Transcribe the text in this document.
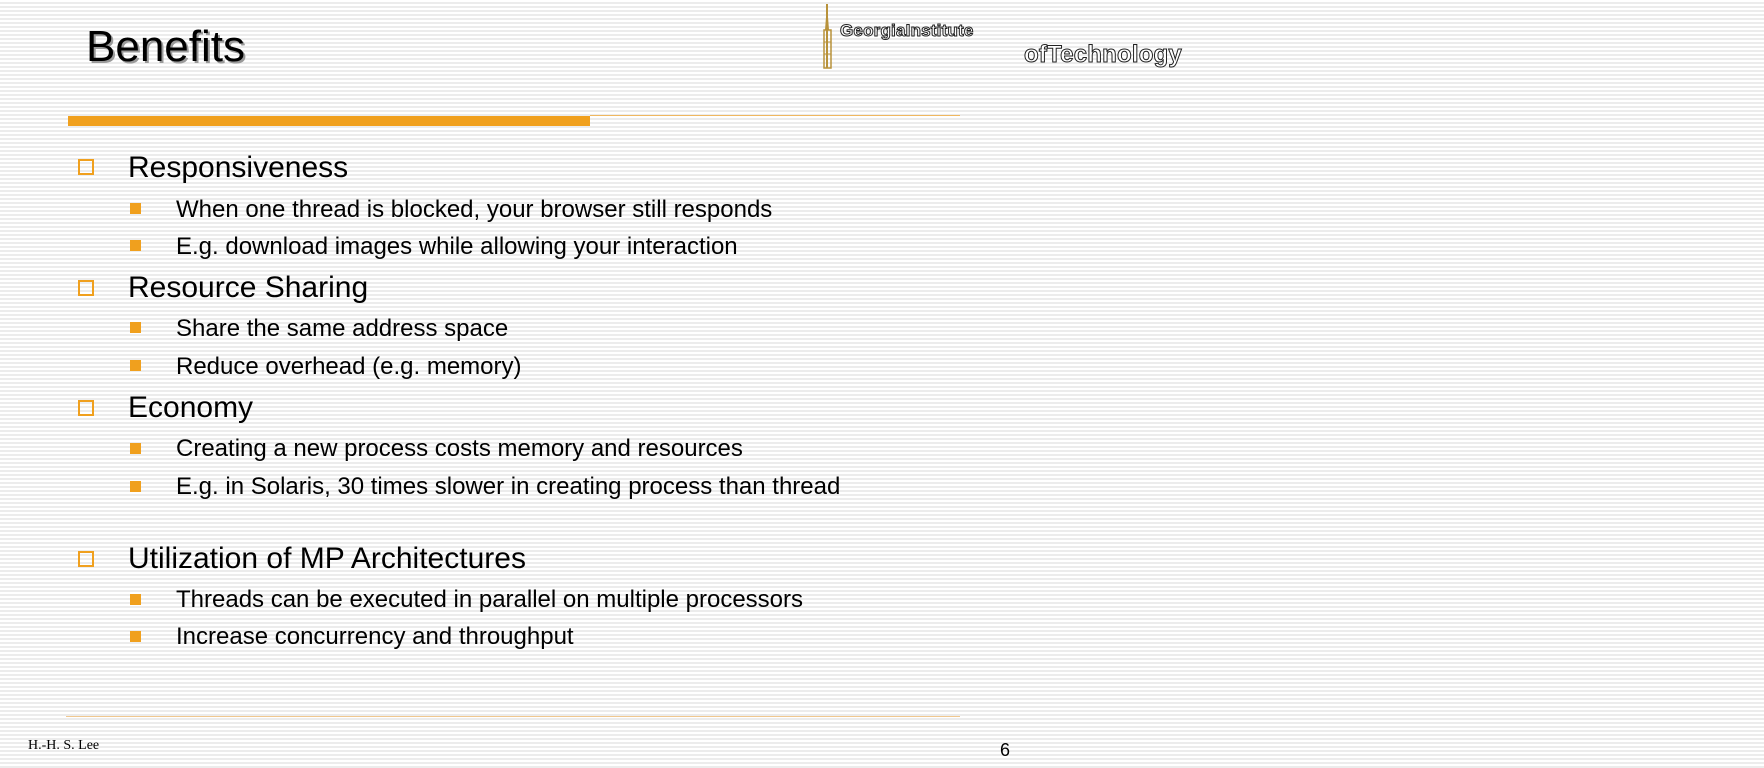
Benefits	GeorgiaInstitute
ofTechnology

Responsiveness

When one thread is blocked, your browser still responds

E.g. download images while allowing your interaction

Resource Sharing

Share the same address space

Reduce overhead (e.g. memory)

Economy

Creating a new process costs memory and resources

E.g. in Solaris, 30 times slower in creating process than thread

Utilization of MP Architectures

Threads can be executed in parallel on multiple processors

Increase concurrency and throughput

H.-H. S. Lee	6
